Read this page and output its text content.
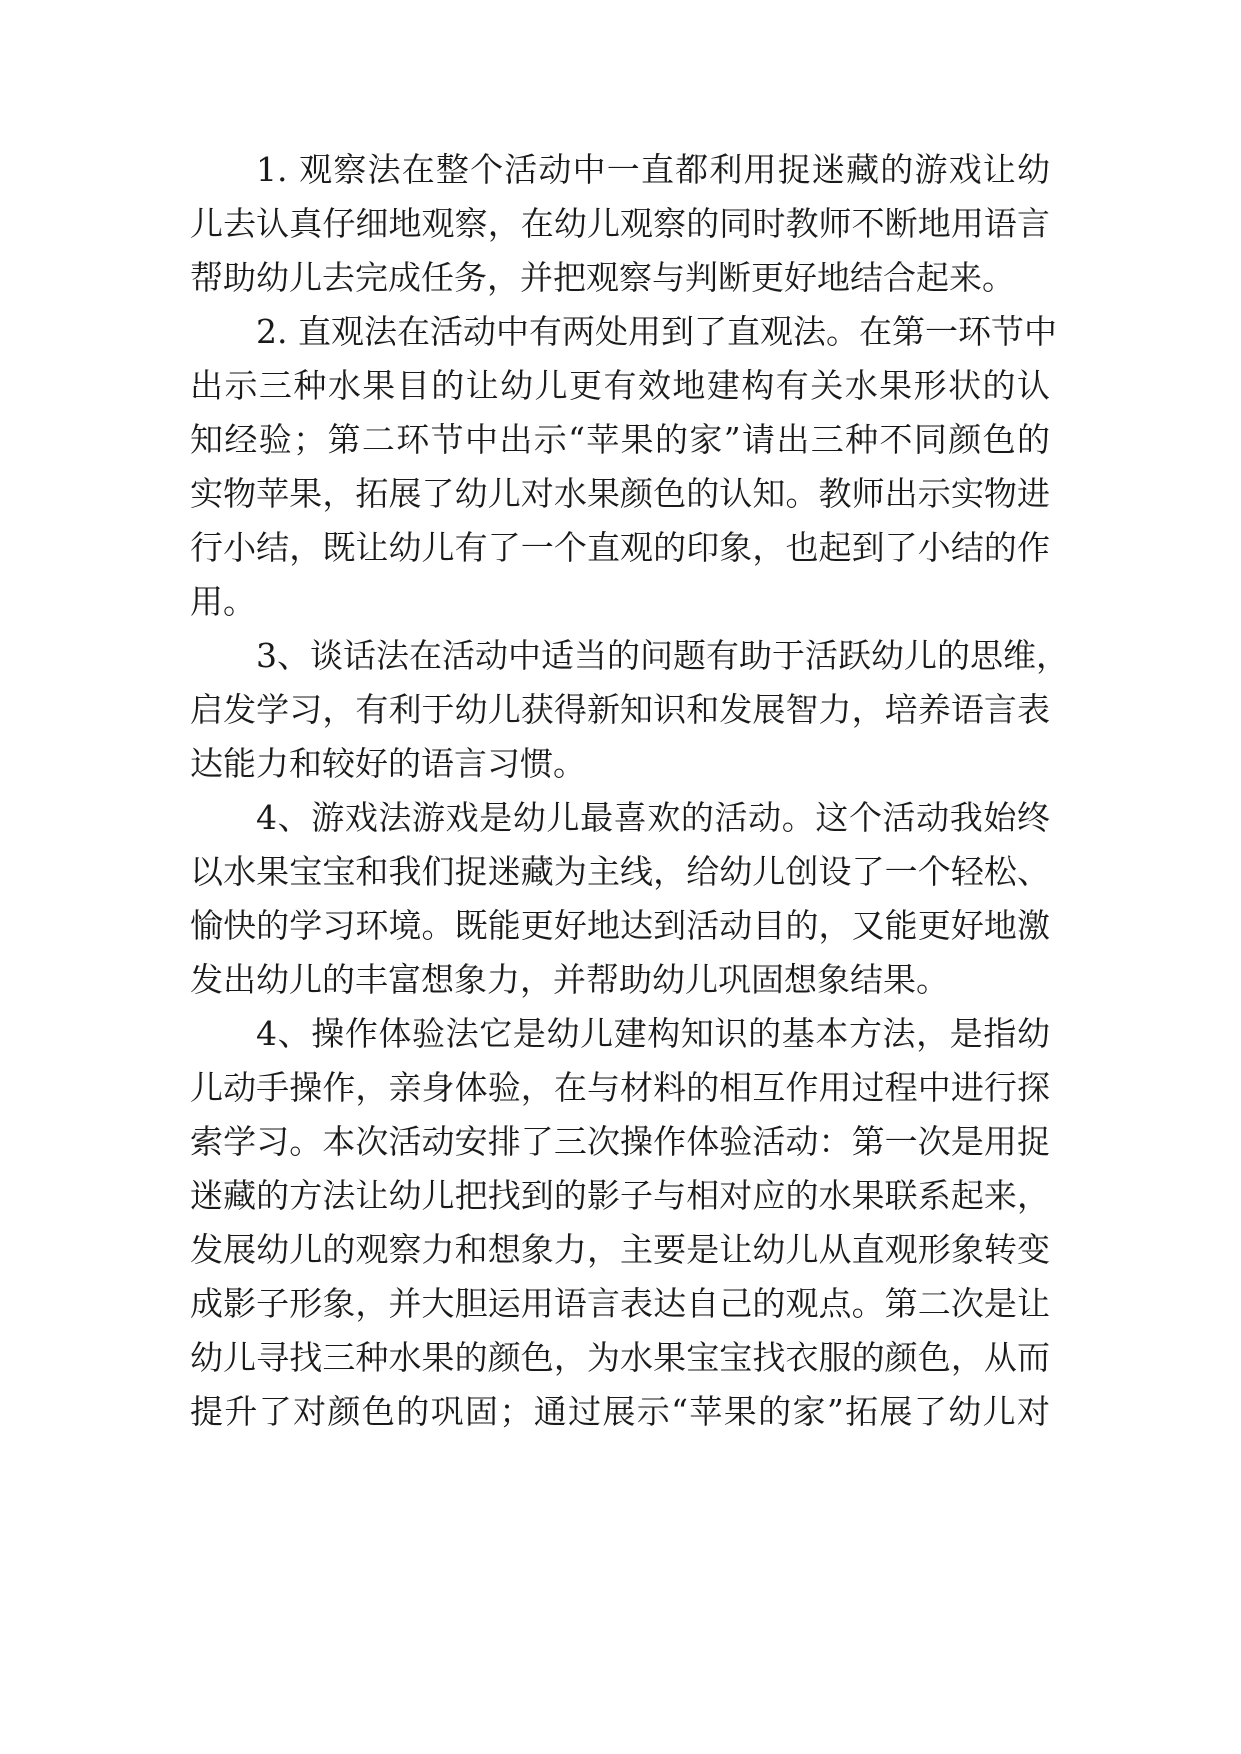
1. 观察法在整个活动中一直都利用捉迷藏的游戏让幼
儿去认真仔细地观察，在幼儿观察的同时教师不断地用语言
帮助幼儿去完成任务，并把观察与判断更好地结合起来。
2. 直观法在活动中有两处用到了直观法。在第一环节中
出示三种水果目的让幼儿更有效地建构有关水果形状的认
知经验；第二环节中出示“苹果的家”请出三种不同颜色的
实物苹果，拓展了幼儿对水果颜色的认知。教师出示实物进
行小结，既让幼儿有了一个直观的印象，也起到了小结的作
用。
3、谈话法在活动中适当的问题有助于活跃幼儿的思维，
启发学习，有利于幼儿获得新知识和发展智力，培养语言表
达能力和较好的语言习惯。
4、游戏法游戏是幼儿最喜欢的活动。这个活动我始终
以水果宝宝和我们捉迷藏为主线，给幼儿创设了一个轻松、
愉快的学习环境。既能更好地达到活动目的，又能更好地激
发出幼儿的丰富想象力，并帮助幼儿巩固想象结果。
4、操作体验法它是幼儿建构知识的基本方法，是指幼
儿动手操作，亲身体验，在与材料的相互作用过程中进行探
索学习。本次活动安排了三次操作体验活动：第一次是用捉
迷藏的方法让幼儿把找到的影子与相对应的水果联系起来，
发展幼儿的观察力和想象力，主要是让幼儿从直观形象转变
成影子形象，并大胆运用语言表达自己的观点。第二次是让
幼儿寻找三种水果的颜色，为水果宝宝找衣服的颜色，从而
提升了对颜色的巩固；通过展示“苹果的家”拓展了幼儿对
